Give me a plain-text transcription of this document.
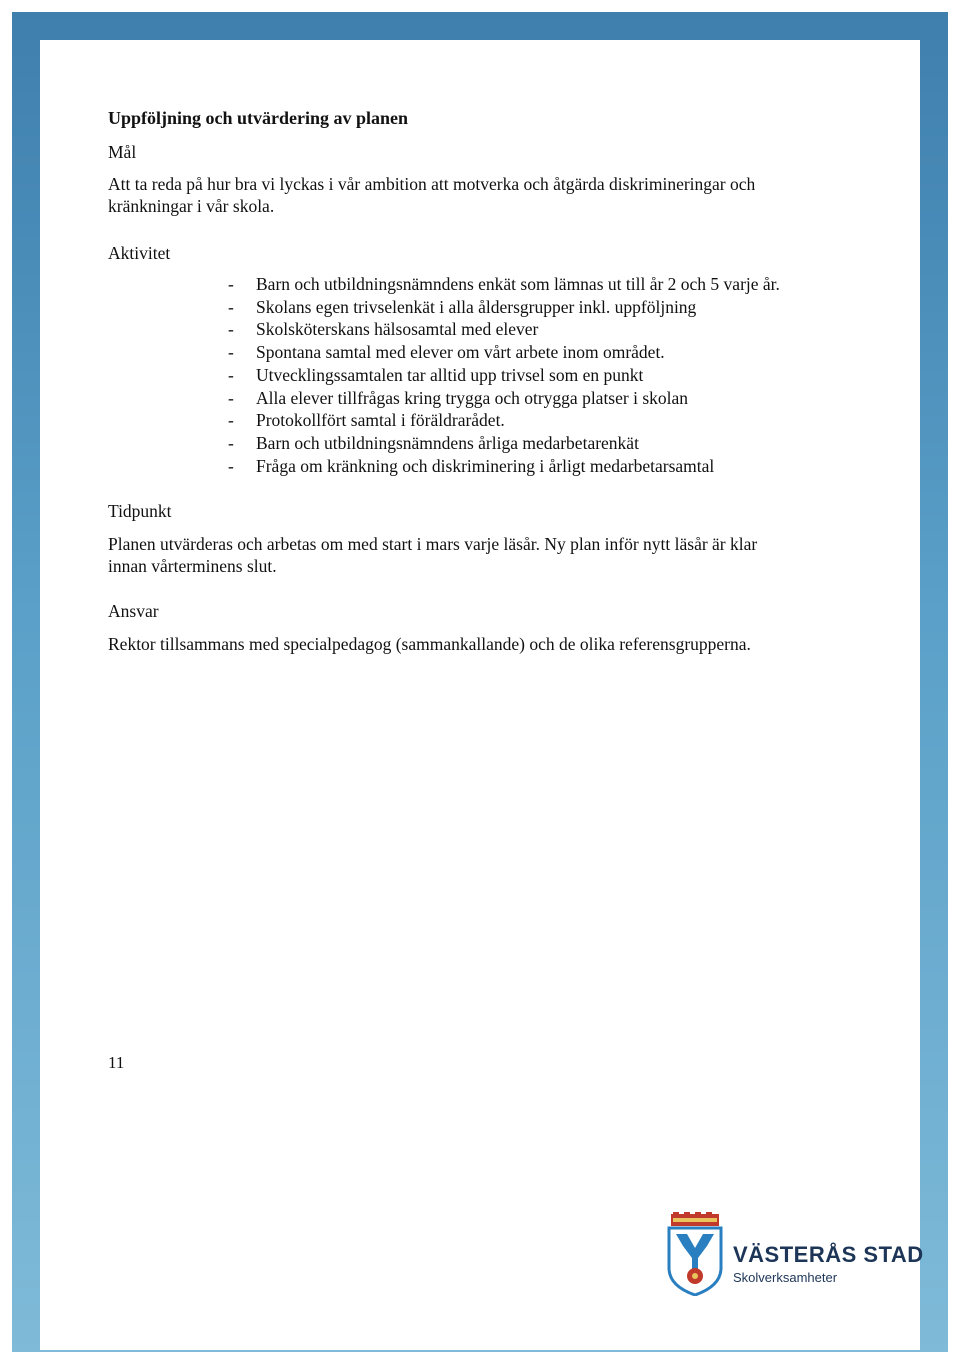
Uppföljning och utvärdering av planen
Mål
Att ta reda på hur bra vi lyckas i vår ambition att motverka och åtgärda diskrimineringar och
kränkningar i vår skola.
Aktivitet
- Barn och utbildningsnämndens enkät som lämnas ut till år 2 och 5 varje år.
- Skolans egen trivselenkät i alla åldersgrupper inkl. uppföljning
- Skolsköterskans hälsosamtal med elever
- Spontana samtal med elever om vårt arbete inom området.
- Utvecklingssamtalen tar alltid upp trivsel som en punkt
- Alla elever tillfrågas kring trygga och otrygga platser i skolan
- Protokollfört samtal i föräldrarådet.
- Barn och utbildningsnämndens årliga medarbetarenkät
- Fråga om kränkning och diskriminering i årligt medarbetarsamtal
Tidpunkt
Planen utvärderas och arbetas om med start i mars varje läsår. Ny plan inför nytt läsår är klar
innan vårterminens slut.
Ansvar
Rektor tillsammans med specialpedagog (sammankallande) och de olika referensgrupperna.
11
VÄSTERÅS STAD
Skolverksamheter
